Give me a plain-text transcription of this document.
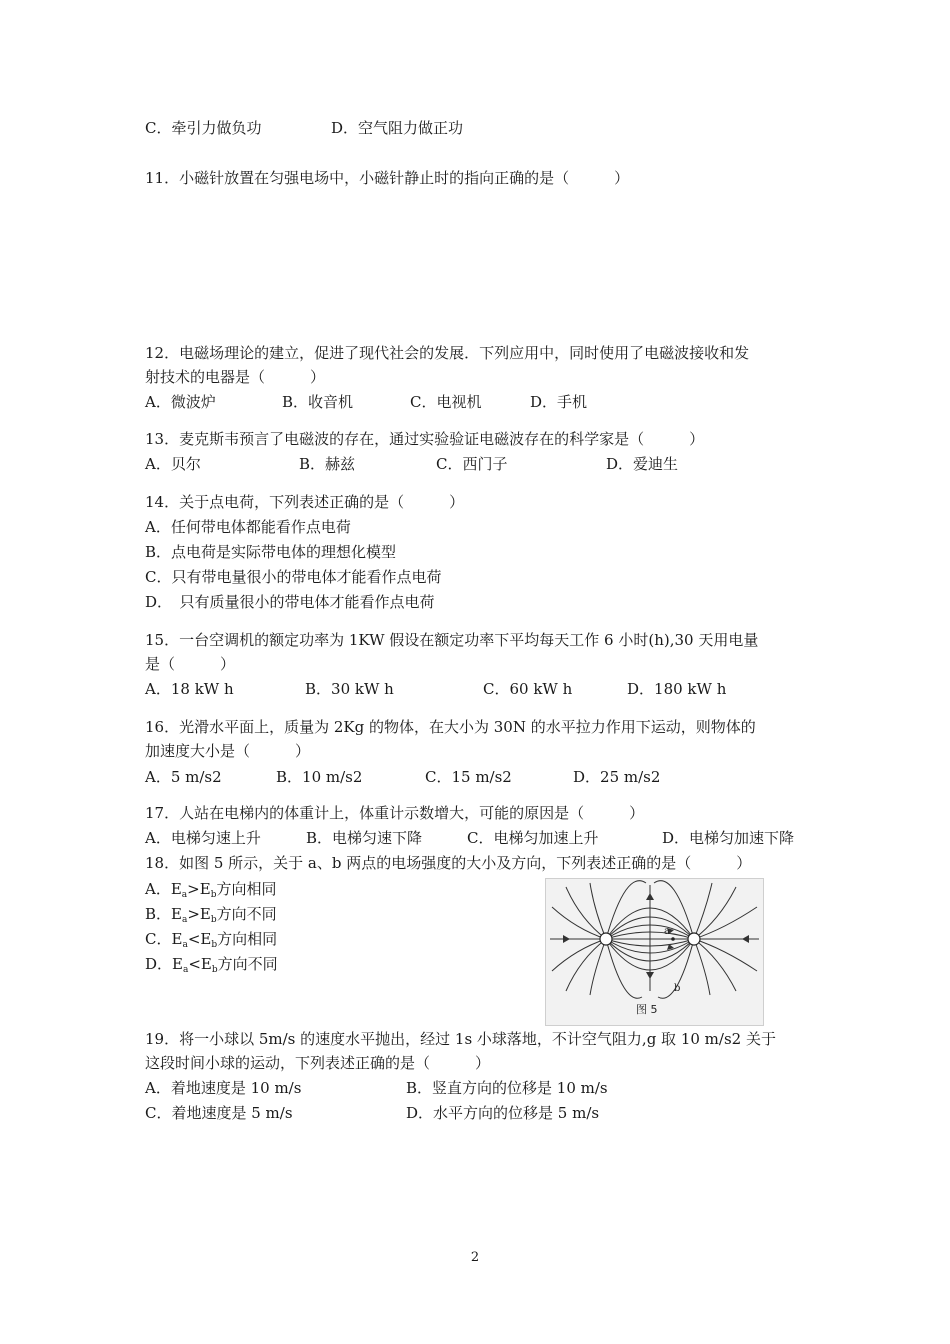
C．牵引力做负功	D．空气阻力做正功
11．小磁针放置在匀强电场中，小磁针静止时的指向正确的是（　　　）
12．电磁场理论的建立，促进了现代社会的发展．下列应用中，同时使用了电磁波接收和发
射技术的电器是（　　　）
A．微波炉	B．收音机	C．电视机	D．手机
13．麦克斯韦预言了电磁波的存在，通过实验验证电磁波存在的科学家是（　　　）
A．贝尔	B．赫兹	C．西门子	D．爱迪生
14．关于点电荷，下列表述正确的是（　　　）
A．任何带电体都能看作点电荷
B．点电荷是实际带电体的理想化模型
C．只有带电量很小的带电体才能看作点电荷
D．　只有质量很小的带电体才能看作点电荷
15．一台空调机的额定功率为 1KW 假设在额定功率下平均每天工作 6 小时(h),30 天用电量
是（　　　）
A．18 kW h	B．30 kW h	C．60 kW h	D．180 kW h
16．光滑水平面上，质量为 2Kg 的物体，在大小为 30N 的水平拉力作用下运动，则物体的
加速度大小是（　　　）
A．5 m/s2	B．10 m/s2	C．15 m/s2	D．25 m/s2
17．人站在电梯内的体重计上，体重计示数增大，可能的原因是（　　　）
A．电梯匀速上升	B．电梯匀速下降	C．电梯匀加速上升	D．电梯匀加速下降
18．如图 5 所示，关于 a、b 两点的电场强度的大小及方向，下列表述正确的是（　　　）
A．$E_a>E_b$方向相同
B．$E_a>E_b$方向不同
C．$E_a<E_b$方向相同
D．$E_a<E_b$方向不同
a
b
图 5
19．将一小球以 5m/s 的速度水平抛出，经过 1s 小球落地，不计空气阻力,g 取 10 m/s2 关于
这段时间小球的运动，下列表述正确的是（　　　）
A．着地速度是 10 m/s	B．竖直方向的位移是 10 m/s
C．着地速度是 5 m/s	D．水平方向的位移是 5 m/s
2
